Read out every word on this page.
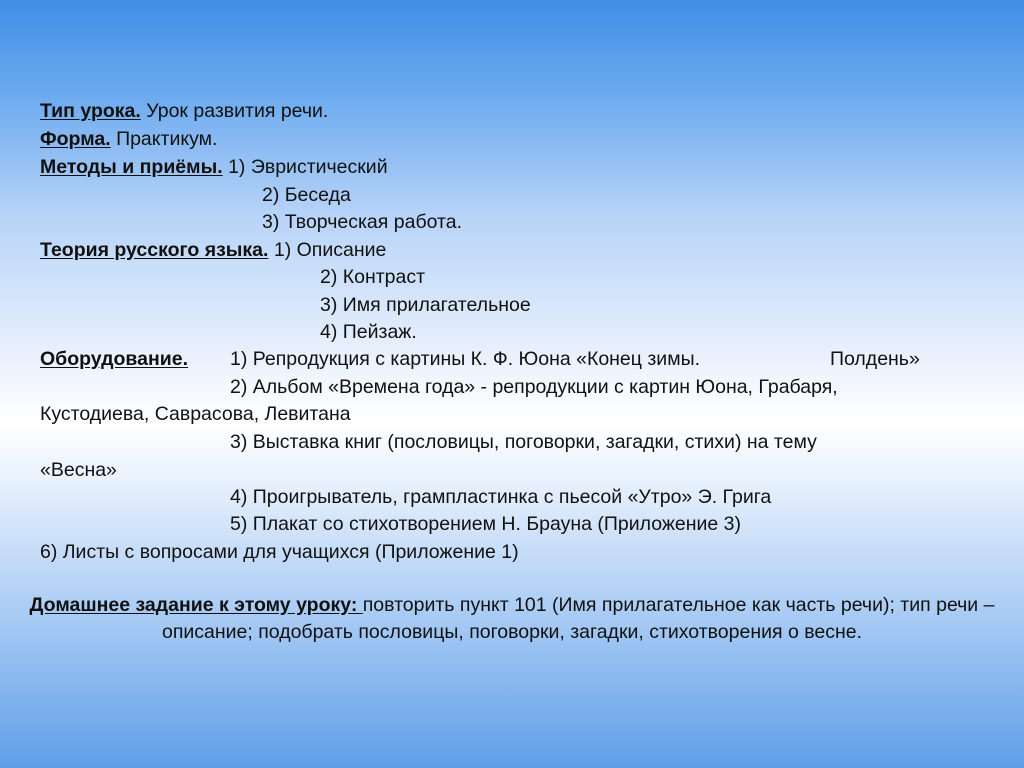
Тип урока. Урок развития речи.
Форма. Практикум.
Методы и приёмы. 1) Эвристический
2) Беседа
3) Творческая работа.
Теория русского языка. 1) Описание
2) Контраст
3) Имя прилагательное
4) Пейзаж.
Оборудование. 1) Репродукция с картины К. Ф. Юона «Конец зимы.	Полдень»
2) Альбом «Времена года» - репродукции с картин Юона, Грабаря,
Кустодиева, Саврасова, Левитана
3) Выставка книг (пословицы, поговорки, загадки, стихи) на тему
«Весна»
4) Проигрыватель, грампластинка с пьесой «Утро» Э. Грига
5) Плакат со стихотворением Н. Брауна (Приложение 3)
6) Листы с вопросами для учащихся (Приложение 1)
Домашнее задание к этому уроку: повторить пункт 101 (Имя прилагательное как часть речи); тип речи – описание; подобрать пословицы, поговорки, загадки, стихотворения о весне.
